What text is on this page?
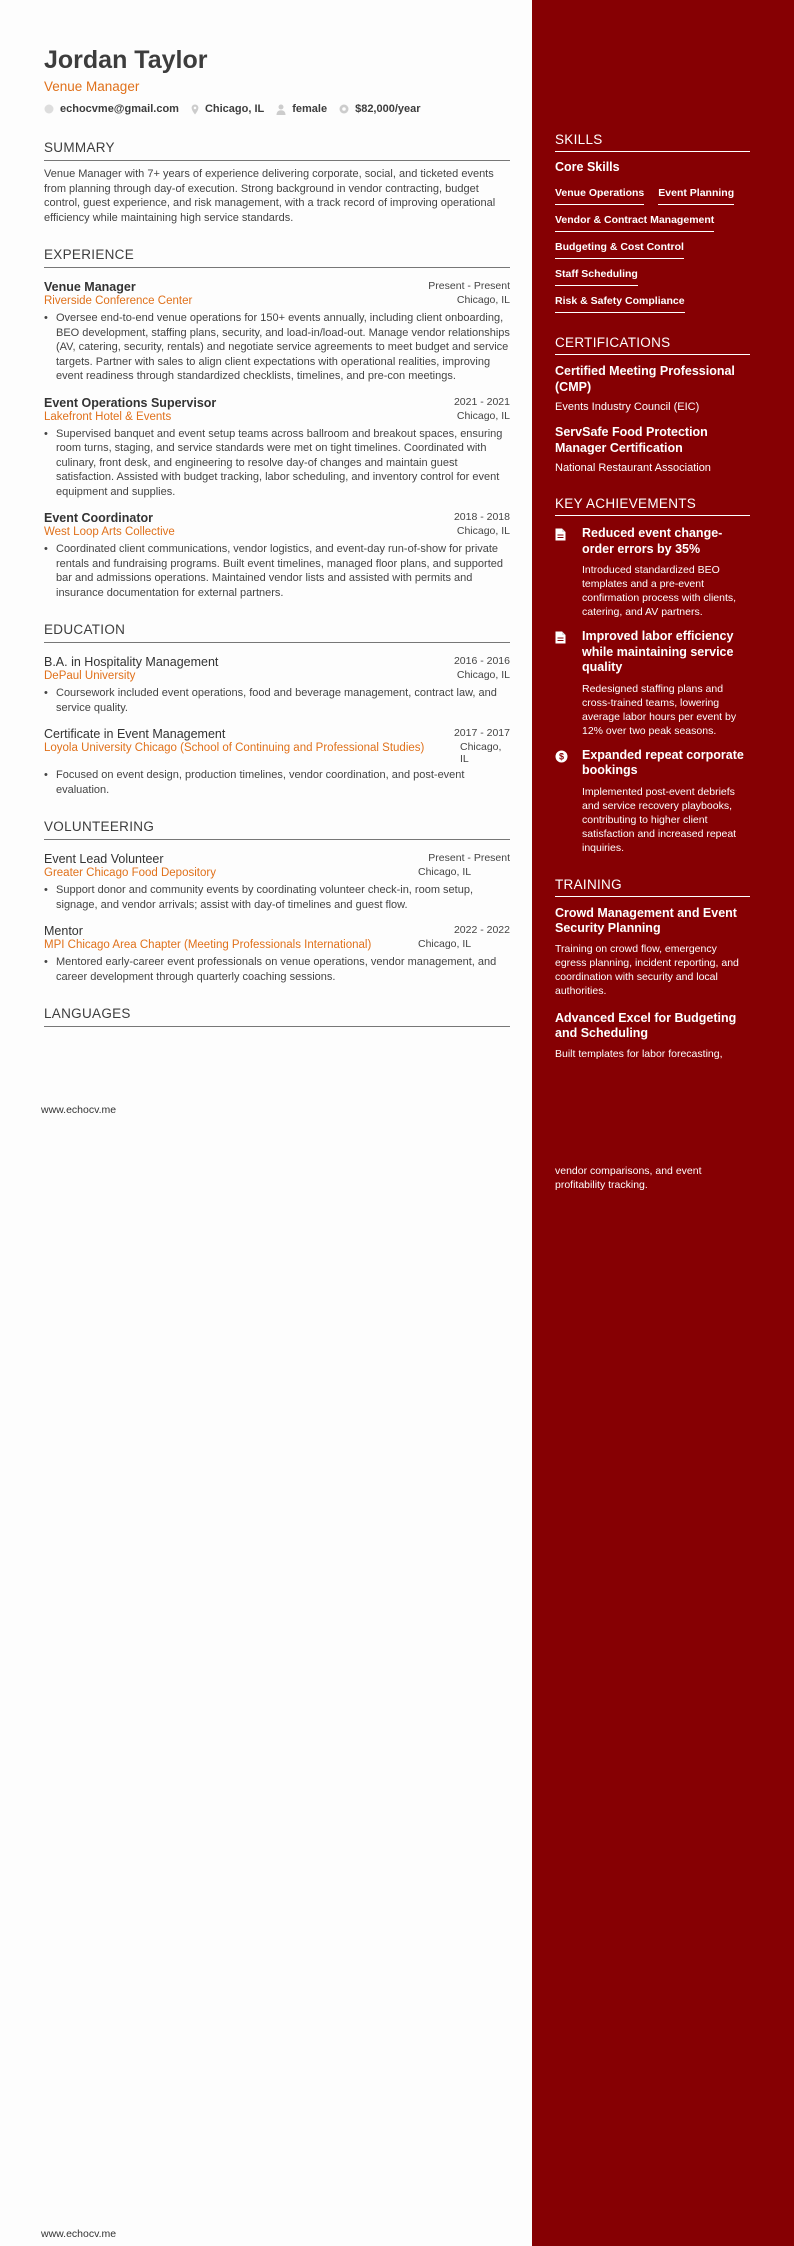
Jordan Taylor
Venue Manager
echocvme@gmail.com Chicago, IL	female	$82,000/year
SUMMARY
Venue Manager with 7+ years of experience delivering corporate, social, and ticketed events from planning through day-of execution. Strong background in vendor contracting, budget control, guest experience, and risk management, with a track record of improving operational efficiency while maintaining high service standards.
EXPERIENCE
Venue Manager	Present - Present
Riverside Conference Center	Chicago, IL
• Oversee end-to-end venue operations for 150+ events annually, including client onboarding, BEO development, staffing plans, security, and load-in/load-out. Manage vendor relationships (AV, catering, security, rentals) and negotiate service agreements to meet budget and service targets. Partner with sales to align client expectations with operational realities, improving event readiness through standardized checklists, timelines, and pre-con meetings.
Event Operations Supervisor	2021 - 2021
Lakefront Hotel & Events	Chicago, IL
• Supervised banquet and event setup teams across ballroom and breakout spaces, ensuring room turns, staging, and service standards were met on tight timelines. Coordinated with culinary, front desk, and engineering to resolve day-of changes and maintain guest satisfaction. Assisted with budget tracking, labor scheduling, and inventory control for event equipment and supplies.
Event Coordinator	2018 - 2018
West Loop Arts Collective	Chicago, IL
• Coordinated client communications, vendor logistics, and event-day run-of-show for private rentals and fundraising programs. Built event timelines, managed floor plans, and supported bar and admissions operations. Maintained vendor lists and assisted with permits and insurance documentation for external partners.
EDUCATION
B.A. in Hospitality Management	2016 - 2016
DePaul University	Chicago, IL
• Coursework included event operations, food and beverage management, contract law, and service quality.
Certificate in Event Management	2017 - 2017
Loyola University Chicago (School of Continuing and Professional Studies)	Chicago, IL
• Focused on event design, production timelines, vendor coordination, and post-event evaluation.
VOLUNTEERING
Event Lead Volunteer	Present - Present
Greater Chicago Food Depository	Chicago, IL
• Support donor and community events by coordinating volunteer check-in, room setup, signage, and vendor arrivals; assist with day-of timelines and guest flow.
Mentor	2022 - 2022
MPI Chicago Area Chapter (Meeting Professionals International)	Chicago, IL
• Mentored early-career event professionals on venue operations, vendor management, and career development through quarterly coaching sessions.
LANGUAGES
www.echocv.me
www.echocv.me
SKILLS
Core Skills
Venue Operations Event Planning
Vendor & Contract Management
Budgeting & Cost Control
Staff Scheduling
Risk & Safety Compliance
CERTIFICATIONS
Certified Meeting Professional (CMP)
Events Industry Council (EIC)
ServSafe Food Protection Manager Certification
National Restaurant Association
KEY ACHIEVEMENTS
Reduced event change-order errors by 35%
Introduced standardized BEO templates and a pre-event confirmation process with clients, catering, and AV partners.
Improved labor efficiency while maintaining service quality
Redesigned staffing plans and cross-trained teams, lowering average labor hours per event by 12% over two peak seasons.
$ Expanded repeat corporate bookings
Implemented post-event debriefs and service recovery playbooks, contributing to higher client satisfaction and increased repeat inquiries.
TRAINING
Crowd Management and Event Security Planning
Training on crowd flow, emergency egress planning, incident reporting, and coordination with security and local authorities.
Advanced Excel for Budgeting and Scheduling
Built templates for labor forecasting,
vendor comparisons, and event profitability tracking.
